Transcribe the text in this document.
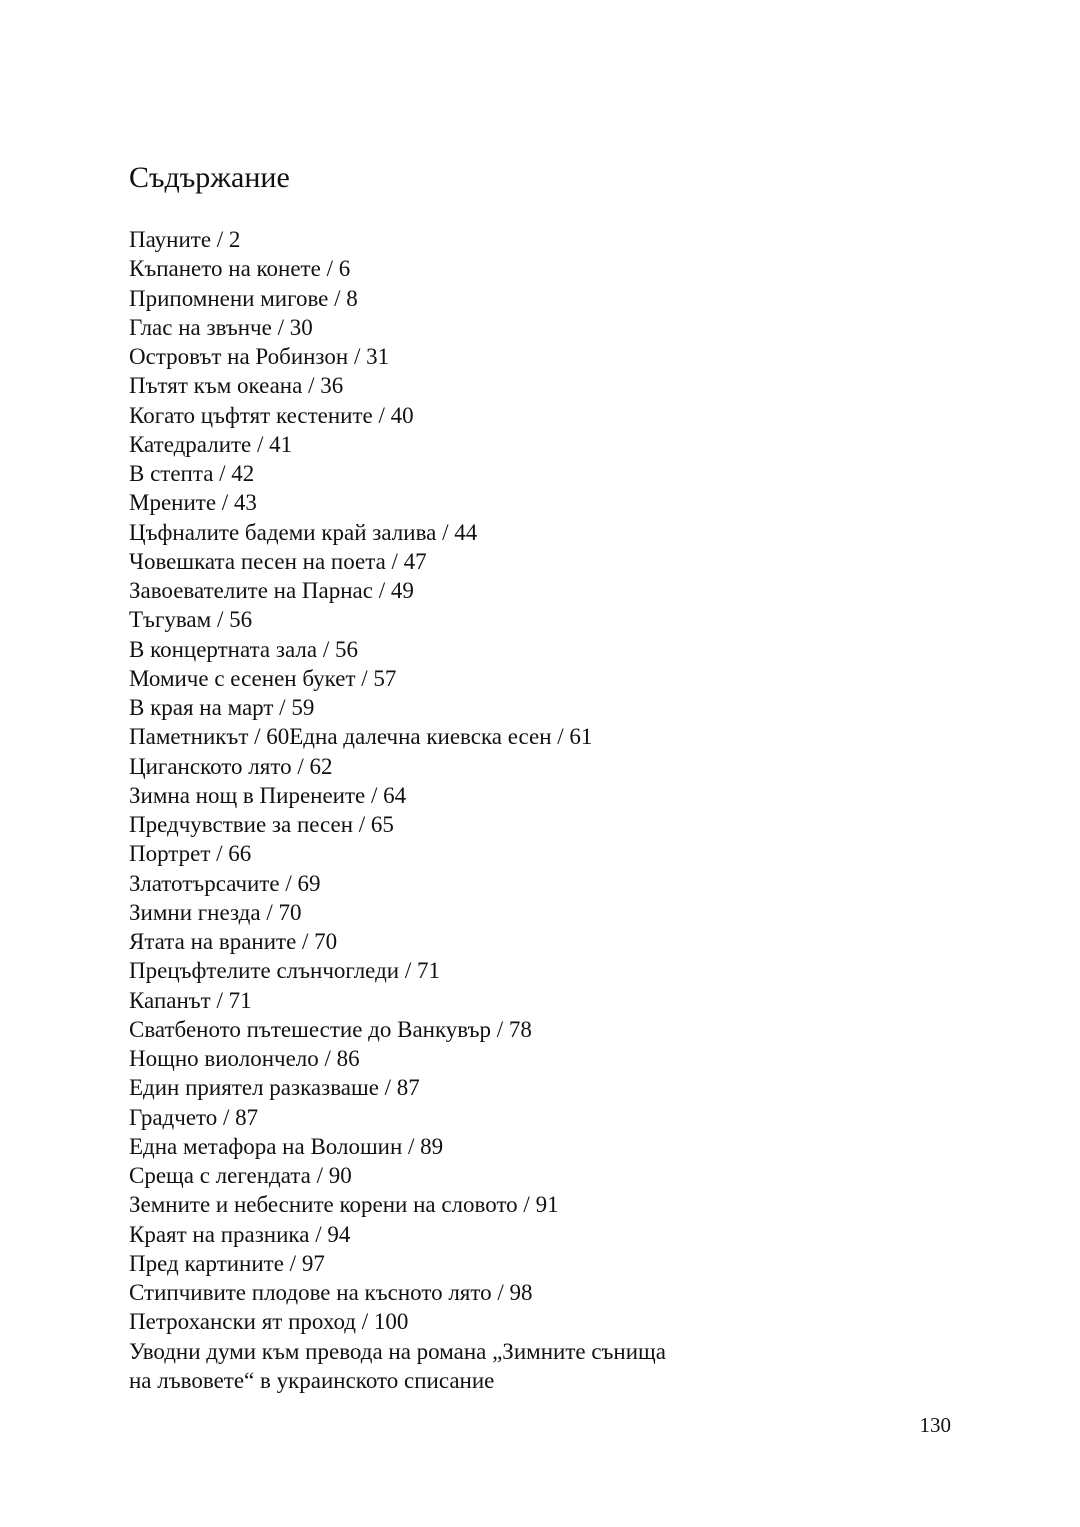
Съдържание
Пауните / 2
Къпането на конете / 6
Припомнени мигове / 8
Глас на звънче / 30
Островът на Робинзон / 31
Пътят към океана / 36
Когато цъфтят кестените / 40
Катедралите / 41
В степта / 42
Мрените / 43
Цъфналите бадеми край залива / 44
Човешката песен на поета / 47
Завоевателите на Парнас / 49
Тъгувам / 56
В концертната зала / 56
Момиче с есенен букет / 57
В края на март / 59
Паметникът / 60Една далечна киевска есен / 61
Циганското лято / 62
Зимна нощ в Пиренеите / 64
Предчувствие за песен / 65
Портрет / 66
Златотърсачите / 69
Зимни гнезда / 70
Ятата на враните / 70
Прецъфтелите слънчогледи / 71
Капанът / 71
Сватбеното пътешестие до Ванкувър / 78
Нощно виолончело / 86
Един приятел разказваше / 87
Градчето / 87
Една метафора на Волошин / 89
Среща с легендата / 90
Земните и небесните корени на словото / 91
Краят на празника / 94
Пред картините / 97
Стипчивите плодове на късното лято / 98
Петрохански ят проход / 100
Уводни думи към превода на романа „Зимните сънища на лъвовете“ в украинското списание
130
